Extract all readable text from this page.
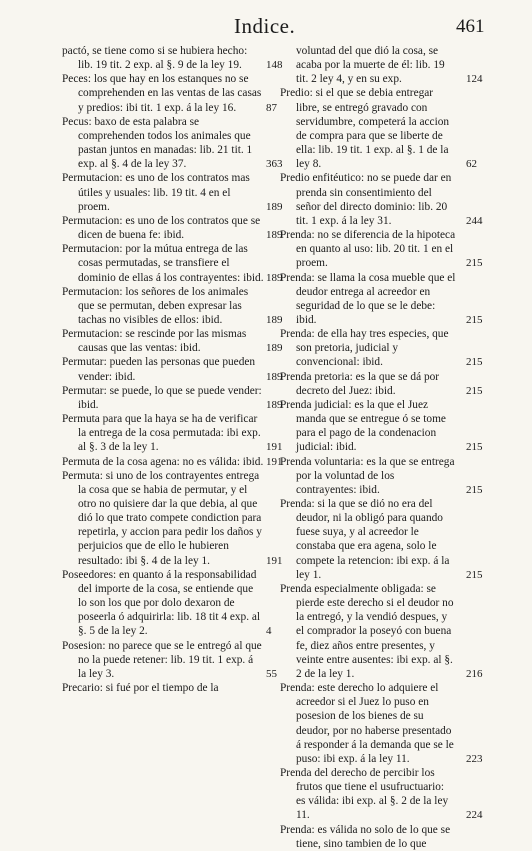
Indice.	461
pactó, se tiene como si se hubiera hecho: lib. 19 tit. 2 exp. al §. 9 de la ley 19. 148
Peces: los que hay en los estanques no se comprehenden en las ventas de las casas y predios: ibi tit. 1 exp. á la ley 16.	87
Pecus: baxo de esta palabra se comprehenden todos los animales que pastan juntos en manadas: lib. 21 tit. 1 exp. al §. 4 de la ley 37.	363
Permutacion: es uno de los contratos mas útiles y usuales: lib. 19 tit. 4 en el proem.	189
Permutacion: es uno de los contratos que se dicen de buena fe: ibid.	189
Permutacion: por la mútua entrega de las cosas permutadas, se transfiere el dominio de ellas á los contrayentes: ibid. 189
Permutacion: los señores de los animales que se permutan, deben expresar las tachas no visibles de ellos: ibid.	189
Permutacion: se rescinde por las mismas causas que las ventas: ibid.	189
Permutar: pueden las personas que pueden vender: ibid.	189
Permutar: se puede, lo que se puede vender: ibid.	189
Permuta para que la haya se ha de verificar la entrega de la cosa permutada: ibi exp. al §. 3 de la ley 1.	191
Permuta de la cosa agena: no es válida: ibid. 191
Permuta: si uno de los contrayentes entrega la cosa que se habia de permutar, y el otro no quisiere dar la que debia, al que dió lo que trato compete condiction para repetirla, y accion para pedir los daños y perjuicios que de ello le hubieren resultado: ibi §. 4 de la ley 1.	191
Poseedores: en quanto á la responsabilidad del importe de la cosa, se entiende que lo son los que por dolo dexaron de poseerla ó adquirirla: lib. 18 tit 4 exp. al §. 5 de la ley 2.	4
Posesion: no parece que se le entregó al que no la puede retener: lib. 19 tit. 1 exp. á la ley 3.	55
Precario: si fué por el tiempo de la
voluntad del que dió la cosa, se acaba por la muerte de él: lib. 19 tit. 2 ley 4, y en su exp.	124
Predio: si el que se debia entregar libre, se entregó gravado con servidumbre, competerá la accion de compra para que se liberte de ella: lib. 19 tit. 1 exp. al §. 1 de la ley 8.	62
Predio enfitéutico: no se puede dar en prenda sin consentimiento del señor del directo dominio: lib. 20 tit. 1 exp. á la ley 31.	244
Prenda: no se diferencia de la hipoteca en quanto al uso: lib. 20 tit. 1 en el proem.	215
Prenda: se llama la cosa mueble que el deudor entrega al acreedor en seguridad de lo que se le debe: ibid.	215
Prenda: de ella hay tres especies, que son pretoria, judicial y convencional: ibid.	215
Prenda pretoria: es la que se dá por decreto del Juez: ibid.	215
Prenda judicial: es la que el Juez manda que se entregue ó se tome para el pago de la condenacion judicial: ibid.	215
Prenda voluntaria: es la que se entrega por la voluntad de los contrayentes: ibid.	215
Prenda: si la que se dió no era del deudor, ni la obligó para quando fuese suya, y al acreedor le constaba que era agena, solo le compete la retencion: ibi exp. á la ley 1.	215
Prenda especialmente obligada: se pierde este derecho si el deudor no la entregó, y la vendió despues, y el comprador la poseyó con buena fe, diez años entre presentes, y veinte entre ausentes: ibi exp. al §. 2 de la ley 1.	216
Prenda: este derecho lo adquiere el acreedor si el Juez lo puso en posesion de los bienes de su deudor, por no haberse presentado á responder á la demanda que se le puso: ibi exp. á la ley 11.	223
Prenda del derecho de percibir los frutos que tiene el usufructuario: es válida: ibi exp. al §. 2 de la ley 11.	224
Prenda: es válida no solo de lo que se tiene, sino tambien de lo que
